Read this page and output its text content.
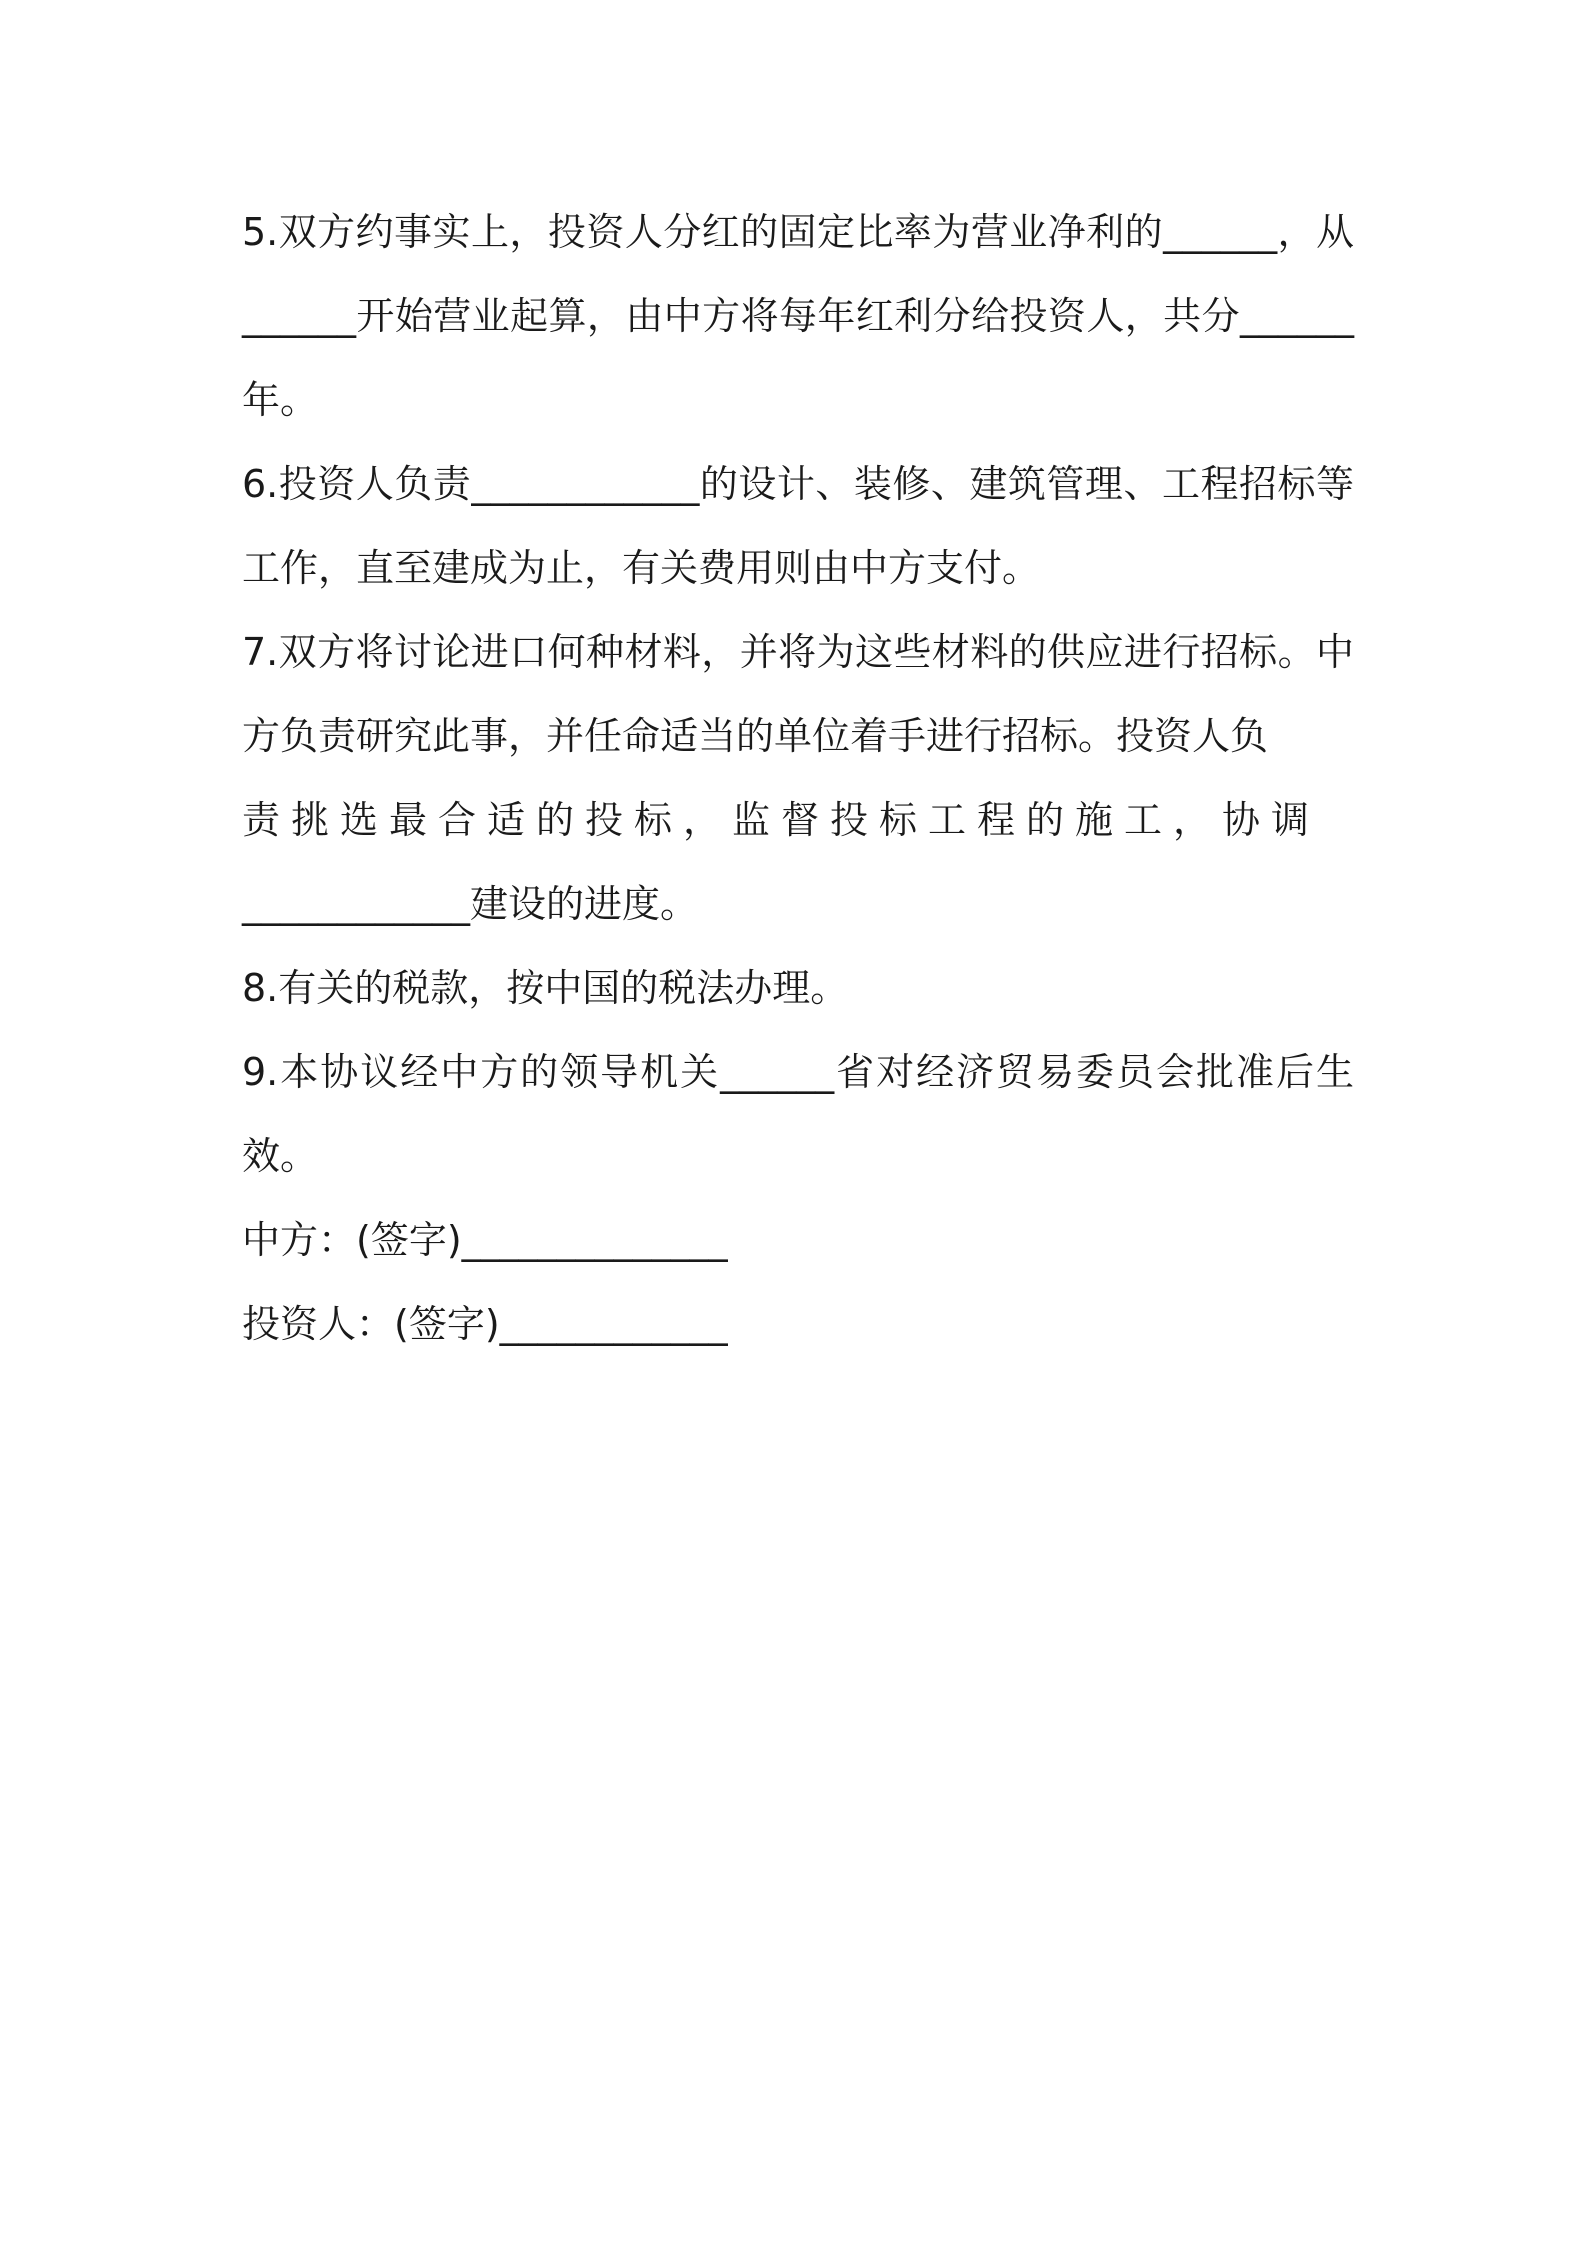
5.双方约事实上，投资人分红的固定比率为营业净利的______，从______开始营业起算，由中方将每年红利分给投资人，共分______年。

6.投资人负责____________的设计、装修、建筑管理、工程招标等工作，直至建成为止，有关费用则由中方支付。

7.双方将讨论进口何种材料，并将为这些材料的供应进行招标。中方负责研究此事，并任命适当的单位着手进行招标。投资人负

责挑选最合适的投标，监督投标工程的施工，协调

____________建设的进度。

8.有关的税款，按中国的税法办理。

9.本协议经中方的领导机关______省对经济贸易委员会批准后生效。

中方：(签字)______________

投资人：(签字)____________
